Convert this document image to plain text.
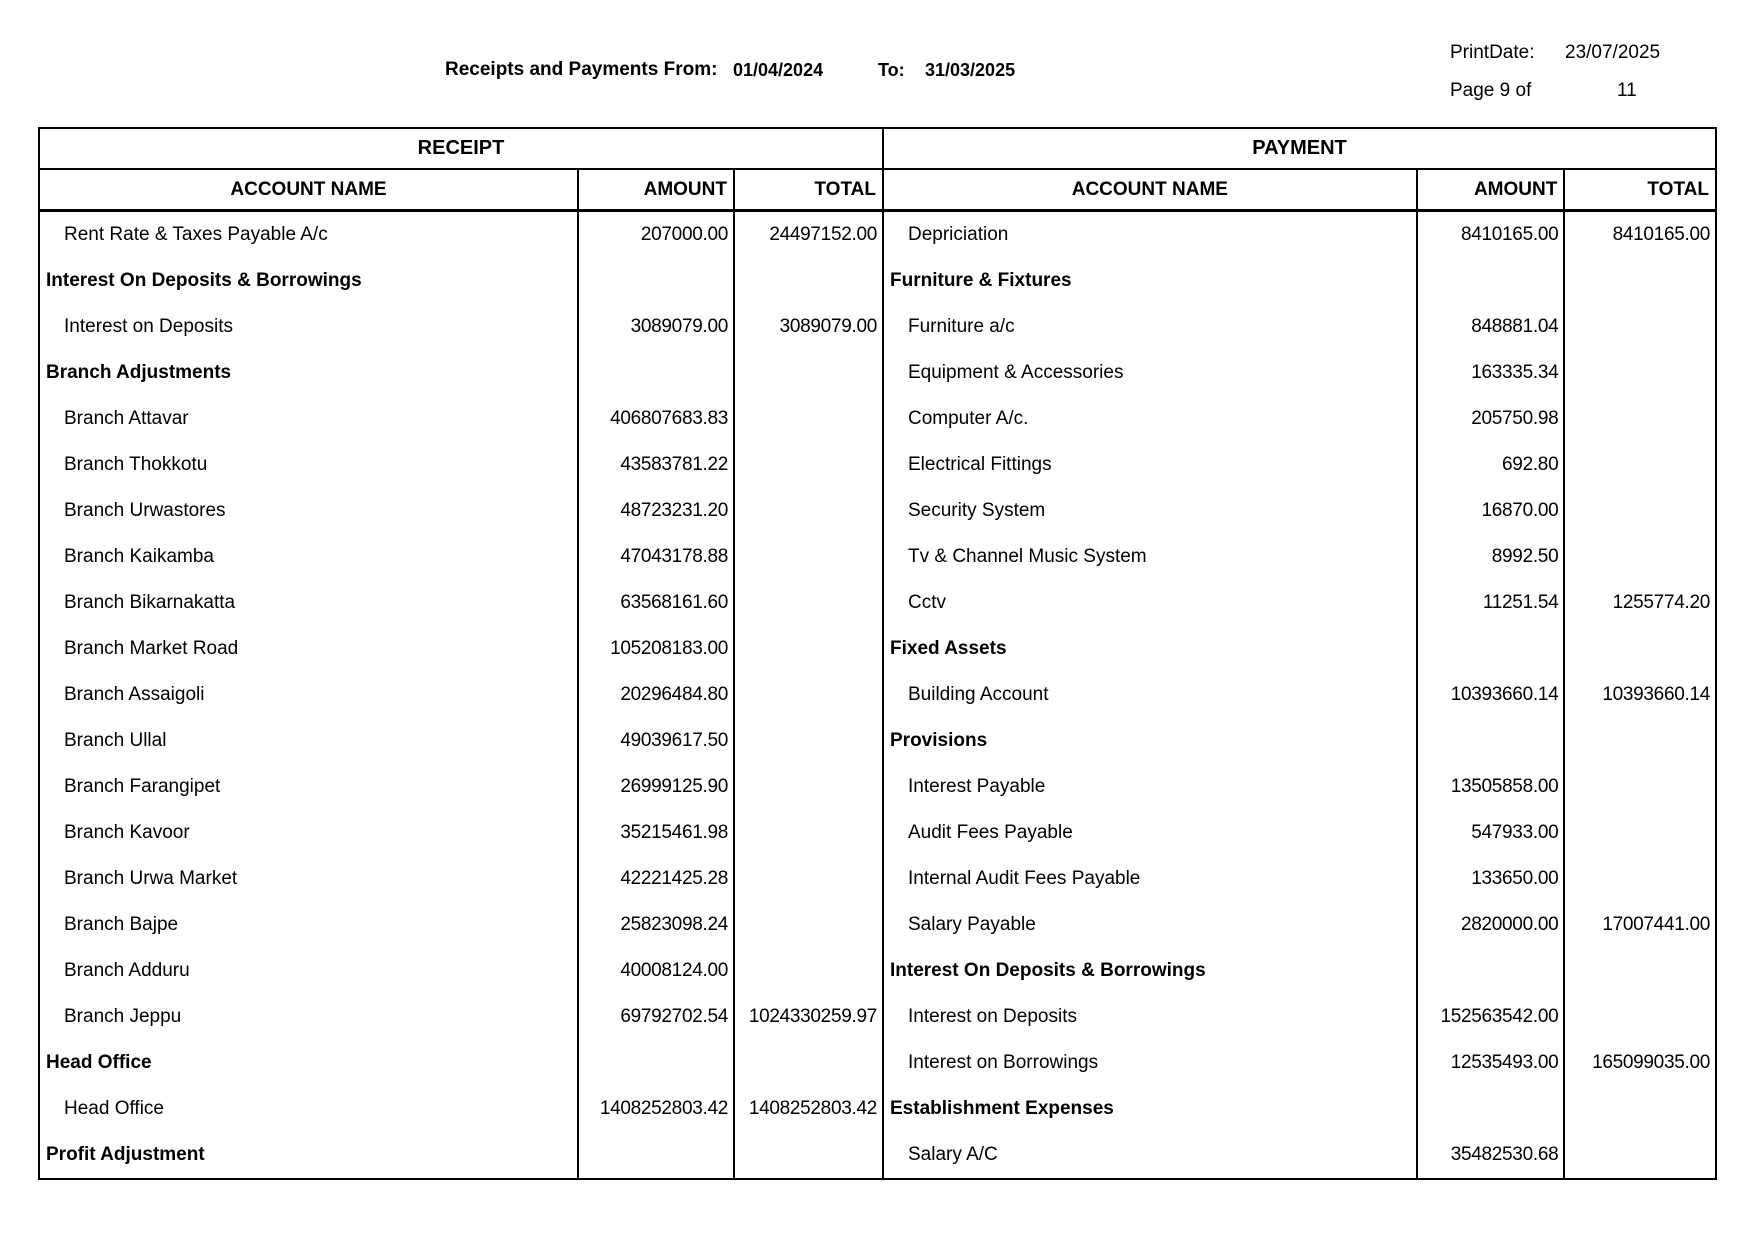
Receipts and Payments From: 01/04/2024	To: 31/03/2025
PrintDate: 23/07/2025
Page 9 of	11
RECEIPT
ACCOUNT NAME	AMOUNT	TOTAL
Rent Rate & Taxes Payable A/c	207000.00	24497152.00
Interest On Deposits & Borrowings
Interest on Deposits	3089079.00	3089079.00
Branch Adjustments
Branch Attavar	406807683.83
Branch Thokkotu	43583781.22
Branch Urwastores	48723231.20
Branch Kaikamba	47043178.88
Branch Bikarnakatta	63568161.60
Branch Market Road	105208183.00
Branch Assaigoli	20296484.80
Branch Ullal	49039617.50
Branch Farangipet	26999125.90
Branch Kavoor	35215461.98
Branch Urwa Market	42221425.28
Branch Bajpe	25823098.24
Branch Adduru	40008124.00
Branch Jeppu	69792702.54	1024330259.97
Head Office
Head Office	1408252803.42	1408252803.42
Profit Adjustment
PAYMENT
ACCOUNT NAME	AMOUNT	TOTAL
Depriciation	8410165.00	8410165.00
Furniture & Fixtures
Furniture a/c	848881.04
Equipment & Accessories	163335.34
Computer A/c.	205750.98
Electrical Fittings	692.80
Security System	16870.00
Tv & Channel Music System	8992.50
Cctv	11251.54	1255774.20
Fixed Assets
Building Account	10393660.14	10393660.14
Provisions
Interest Payable	13505858.00
Audit Fees Payable	547933.00
Internal Audit Fees Payable	133650.00
Salary Payable	2820000.00	17007441.00
Interest On Deposits & Borrowings
Interest on Deposits	152563542.00
Interest on Borrowings	12535493.00	165099035.00
Establishment Expenses
Salary A/C	35482530.68
